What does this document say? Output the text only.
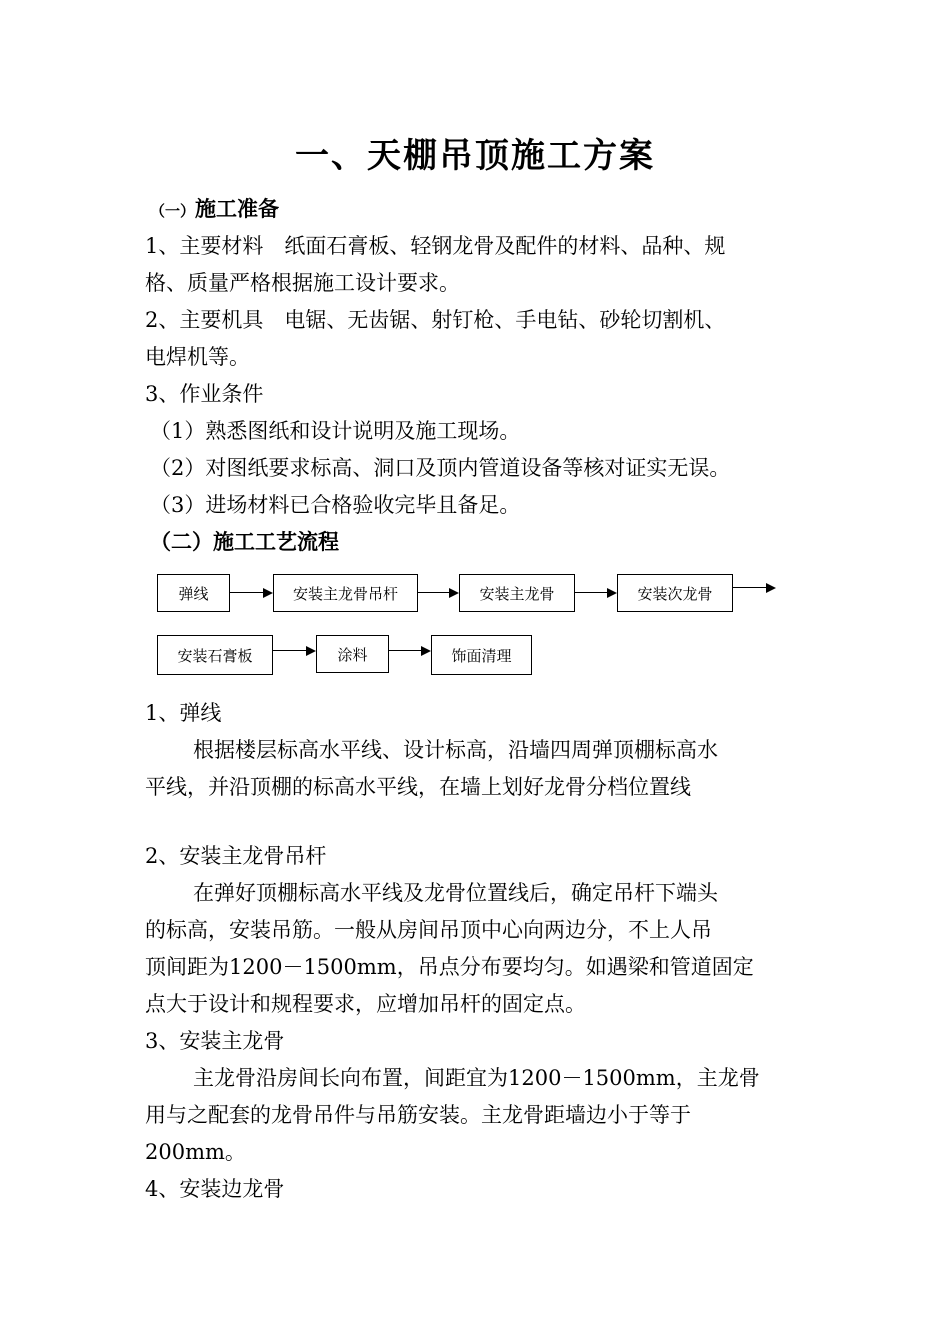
一、天棚吊顶施工方案
（一）施工准备
1、主要材料　纸面石膏板、轻钢龙骨及配件的材料、品种、规
格、质量严格根据施工设计要求。
2、主要机具　电锯、无齿锯、射钉枪、手电钻、砂轮切割机、
电焊机等。
3、作业条件
（1）熟悉图纸和设计说明及施工现场。
（2）对图纸要求标高、洞口及顶内管道设备等核对证实无误。
（3）进场材料已合格验收完毕且备足。
（二）施工工艺流程
弹线	安装主龙骨吊杆	安装主龙骨	安装次龙骨
安装石膏板	涂料	饰面清理
1、弹线
根据楼层标高水平线、设计标高，沿墙四周弹顶棚标高水
平线，并沿顶棚的标高水平线，在墙上划好龙骨分档位置线
2、安装主龙骨吊杆
在弹好顶棚标高水平线及龙骨位置线后，确定吊杆下端头
的标高，安装吊筋。一般从房间吊顶中心向两边分，不上人吊
顶间距为1200－1500mm，吊点分布要均匀。如遇梁和管道固定
点大于设计和规程要求，应增加吊杆的固定点。
3、安装主龙骨
主龙骨沿房间长向布置，间距宜为1200－1500mm，主龙骨
用与之配套的龙骨吊件与吊筋安装。主龙骨距墙边小于等于
200mm。
4、安装边龙骨
